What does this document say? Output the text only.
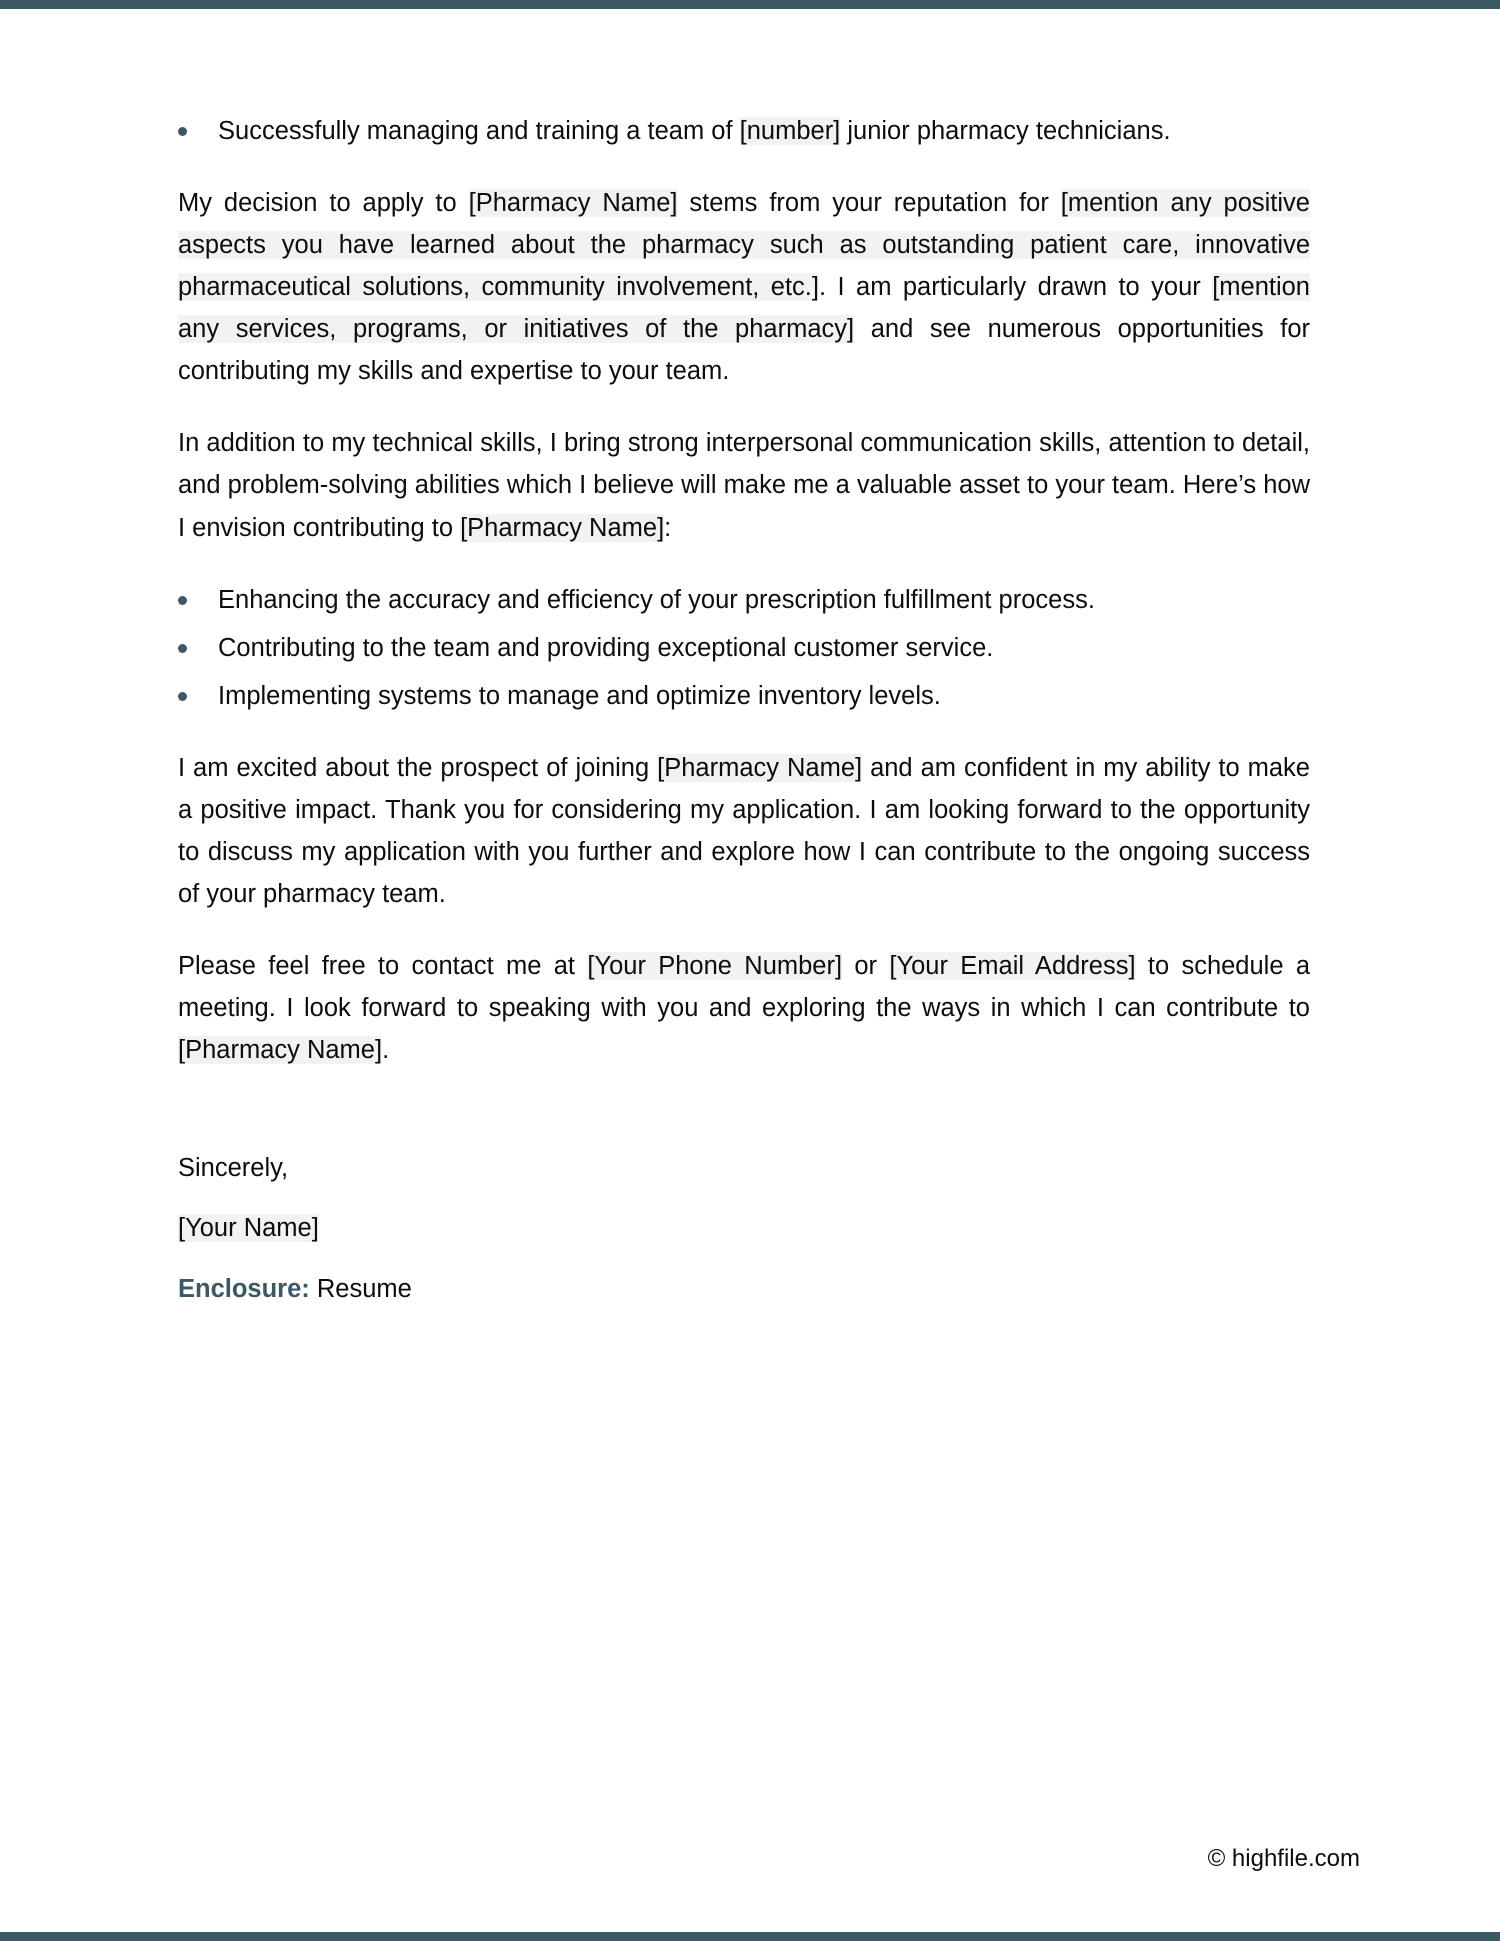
Successfully managing and training a team of [number] junior pharmacy technicians.

My decision to apply to [Pharmacy Name] stems from your reputation for [mention any positive aspects you have learned about the pharmacy such as outstanding patient care, innovative pharmaceutical solutions, community involvement, etc.]. I am particularly drawn to your [mention any services, programs, or initiatives of the pharmacy] and see numerous opportunities for contributing my skills and expertise to your team.

In addition to my technical skills, I bring strong interpersonal communication skills, attention to detail, and problem-solving abilities which I believe will make me a valuable asset to your team. Here’s how I envision contributing to [Pharmacy Name]:

Enhancing the accuracy and efficiency of your prescription fulfillment process.
Contributing to the team and providing exceptional customer service.
Implementing systems to manage and optimize inventory levels.

I am excited about the prospect of joining [Pharmacy Name] and am confident in my ability to make a positive impact. Thank you for considering my application. I am looking forward to the opportunity to discuss my application with you further and explore how I can contribute to the ongoing success of your pharmacy team.

Please feel free to contact me at [Your Phone Number] or [Your Email Address] to schedule a meeting. I look forward to speaking with you and exploring the ways in which I can contribute to [Pharmacy Name].

Sincerely,

[Your Name]

Enclosure: Resume

© highfile.com
